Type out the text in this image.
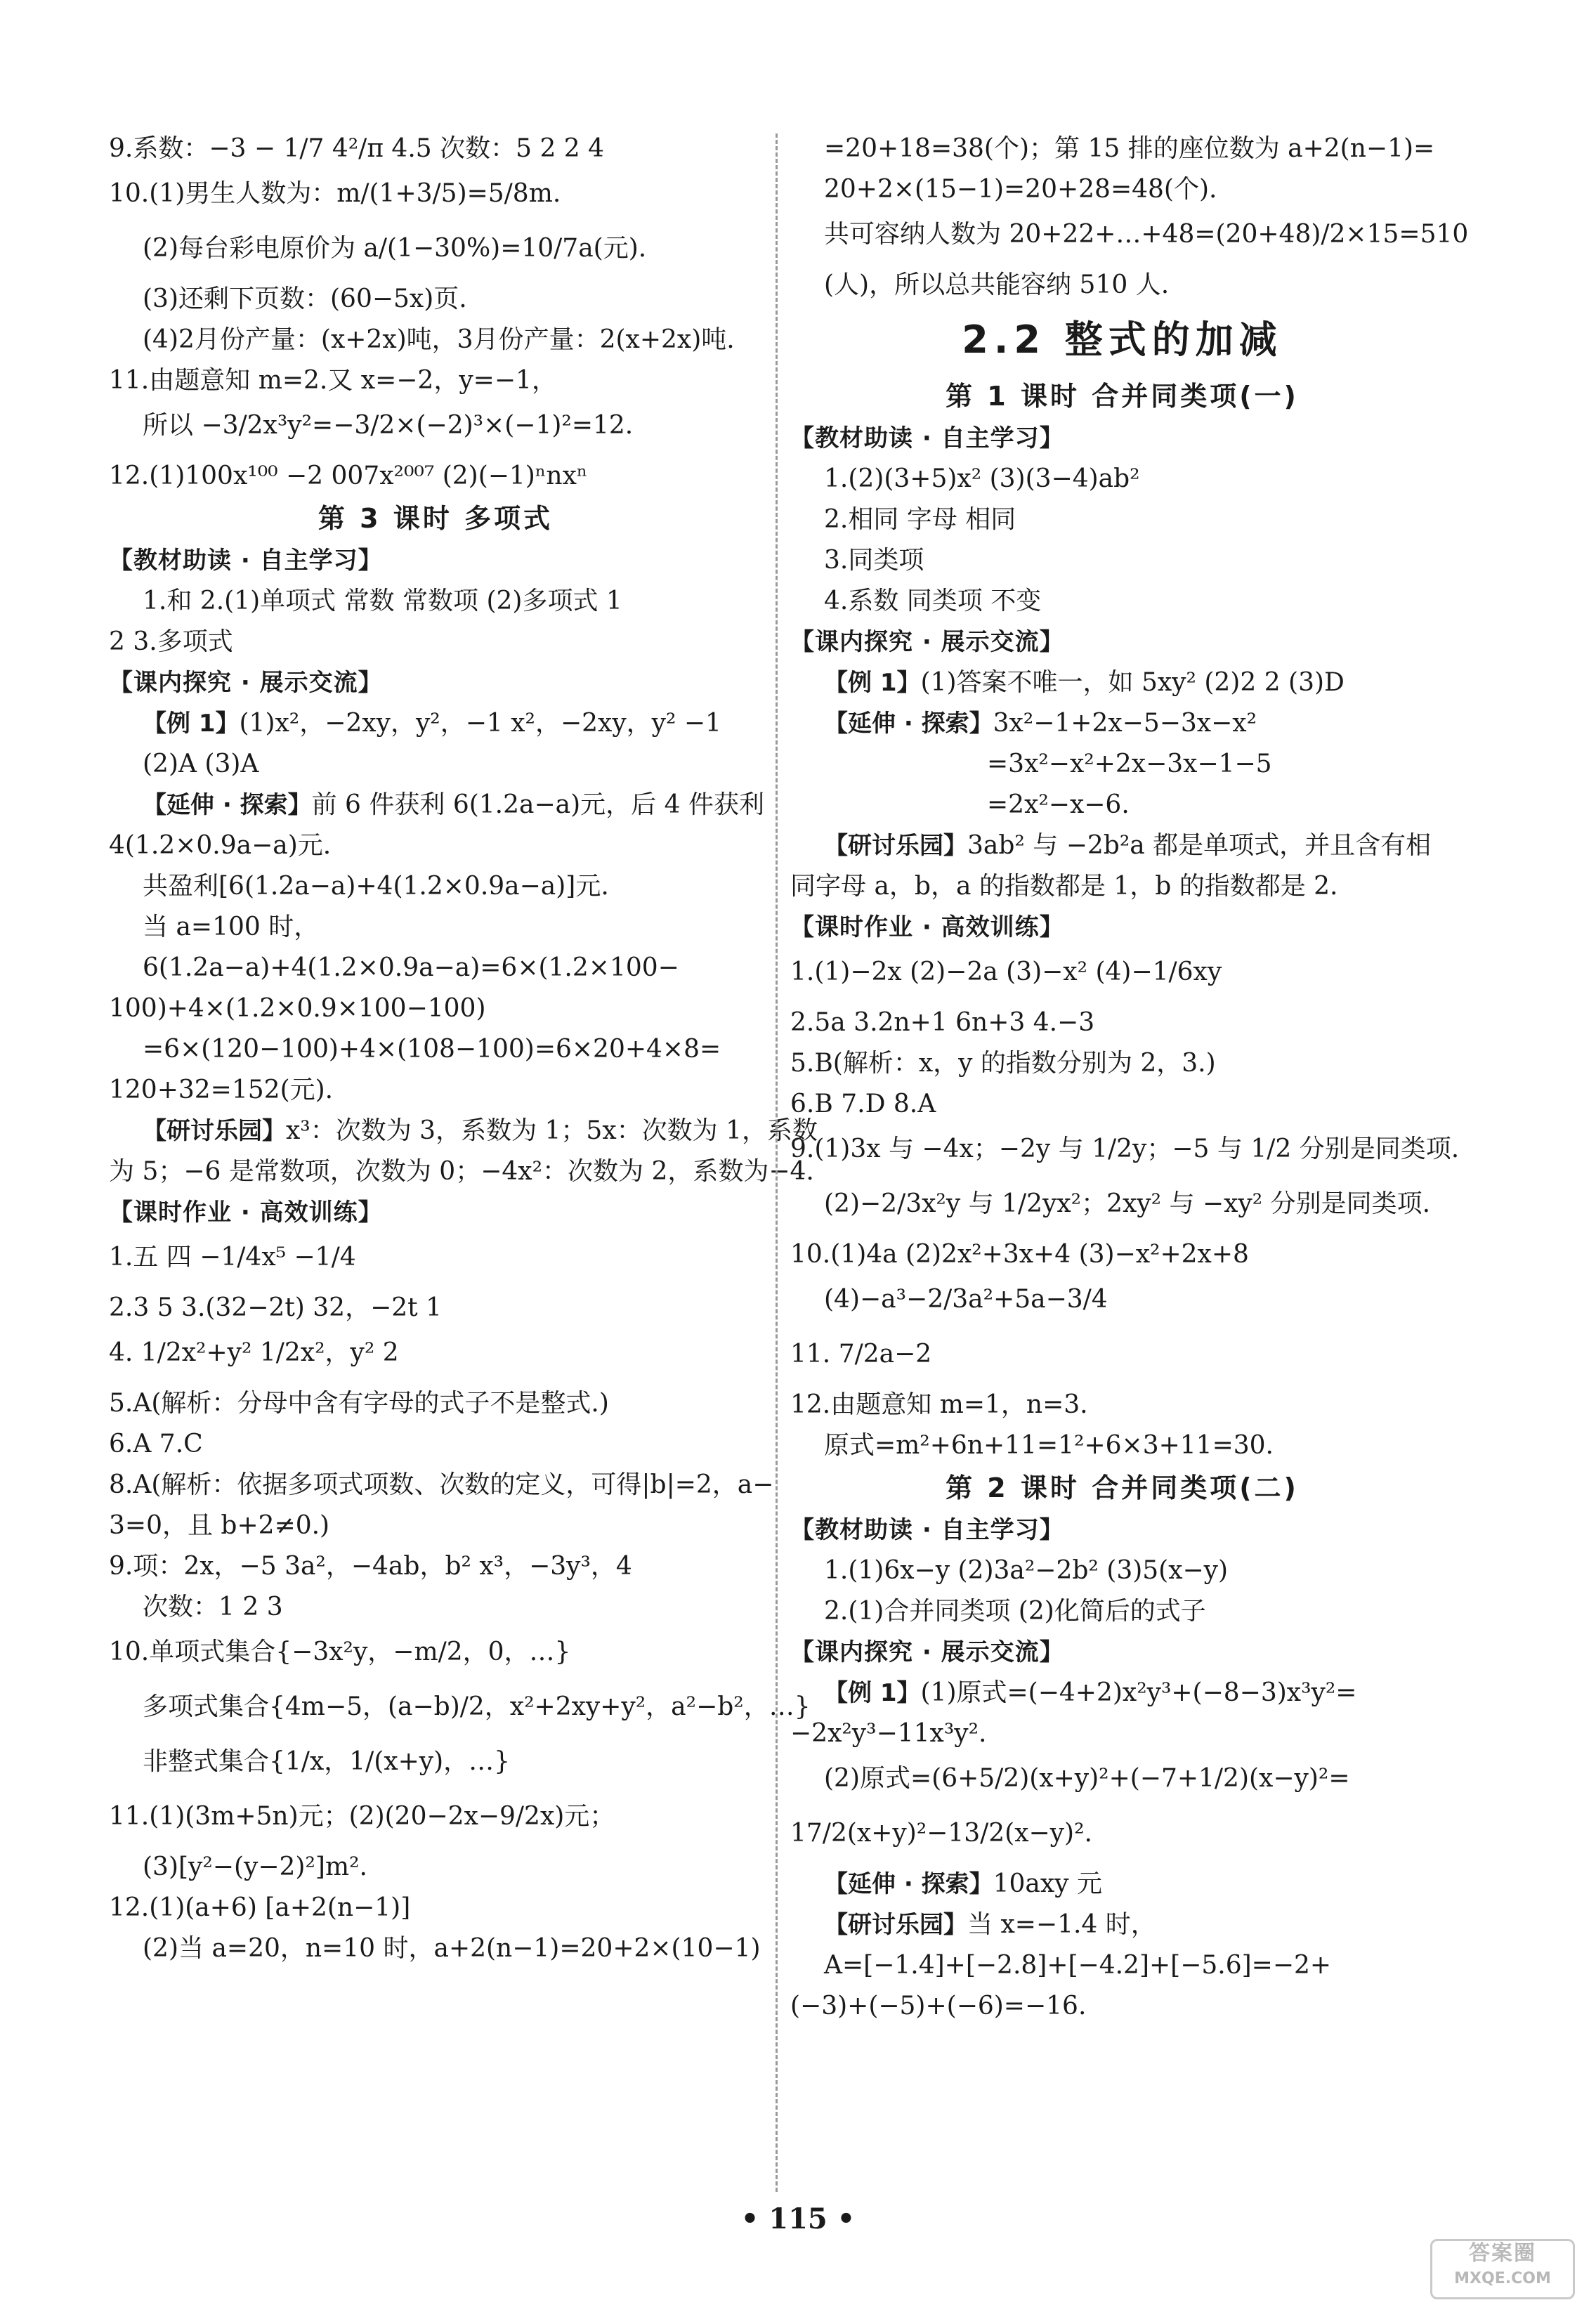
9.系数：−3 − 1/7 4²/π 4.5 次数：5 2 2 4
10.(1)男生人数为：m/(1+3/5)=5/8m.
(2)每台彩电原价为 a/(1−30%)=10/7a(元).
(3)还剩下页数：(60−5x)页.
(4)2月份产量：(x+2x)吨，3月份产量：2(x+2x)吨.
11.由题意知 m=2.又 x=−2，y=−1，
所以 −3/2x³y²=−3/2×(−2)³×(−1)²=12.
12.(1)100x¹⁰⁰ −2 007x²⁰⁰⁷ (2)(−1)ⁿnxⁿ
第 3 课时 多项式
【教材助读 · 自主学习】
1.和 2.(1)单项式 常数 常数项 (2)多项式 1
2 3.多项式
【课内探究 · 展示交流】
【例 1】(1)x²，−2xy，y²，−1 x²，−2xy，y² −1
(2)A (3)A
【延伸 · 探索】前 6 件获利 6(1.2a−a)元，后 4 件获利
4(1.2×0.9a−a)元.
共盈利[6(1.2a−a)+4(1.2×0.9a−a)]元.
当 a=100 时，
6(1.2a−a)+4(1.2×0.9a−a)=6×(1.2×100−
100)+4×(1.2×0.9×100−100)
=6×(120−100)+4×(108−100)=6×20+4×8=
120+32=152(元).
【研讨乐园】x³：次数为 3，系数为 1；5x：次数为 1，系数
为 5；−6 是常数项，次数为 0；−4x²：次数为 2，系数为−4.
【课时作业 · 高效训练】
1.五 四 −1/4x⁵ −1/4
2.3 5 3.(32−2t) 32，−2t 1
4. 1/2x²+y² 1/2x²，y² 2
5.A(解析：分母中含有字母的式子不是整式.)
6.A 7.C
8.A(解析：依据多项式项数、次数的定义，可得|b|=2，a−
3=0，且 b+2≠0.)
9.项：2x，−5 3a²，−4ab，b² x³，−3y³，4
次数：1 2 3
10.单项式集合{−3x²y，−m/2，0，…}
多项式集合{4m−5，(a−b)/2，x²+2xy+y²，a²−b²，…}
非整式集合{1/x，1/(x+y)，…}
11.(1)(3m+5n)元；(2)(20−2x−9/2x)元；
(3)[y²−(y−2)²]m².
12.(1)(a+6) [a+2(n−1)]
(2)当 a=20，n=10 时，a+2(n−1)=20+2×(10−1)
=20+18=38(个)；第 15 排的座位数为 a+2(n−1)=
20+2×(15−1)=20+28=48(个).
共可容纳人数为 20+22+…+48=(20+48)/2×15=510
(人)，所以总共能容纳 510 人.
2.2 整式的加减
第 1 课时 合并同类项(一)
【教材助读 · 自主学习】
1.(2)(3+5)x² (3)(3−4)ab²
2.相同 字母 相同
3.同类项
4.系数 同类项 不变
【课内探究 · 展示交流】
【例 1】(1)答案不唯一，如 5xy² (2)2 2 (3)D
【延伸 · 探索】3x²−1+2x−5−3x−x²
=3x²−x²+2x−3x−1−5
=2x²−x−6.
【研讨乐园】3ab² 与 −2b²a 都是单项式，并且含有相
同字母 a，b，a 的指数都是 1，b 的指数都是 2.
【课时作业 · 高效训练】
1.(1)−2x (2)−2a (3)−x² (4)−1/6xy
2.5a 3.2n+1 6n+3 4.−3
5.B(解析：x，y 的指数分别为 2，3.)
6.B 7.D 8.A
9.(1)3x 与 −4x；−2y 与 1/2y；−5 与 1/2 分别是同类项.
(2)−2/3x²y 与 1/2yx²；2xy² 与 −xy² 分别是同类项.
10.(1)4a (2)2x²+3x+4 (3)−x²+2x+8
(4)−a³−2/3a²+5a−3/4
11. 7/2a−2
12.由题意知 m=1，n=3.
原式=m²+6n+11=1²+6×3+11=30.
第 2 课时 合并同类项(二)
【教材助读 · 自主学习】
1.(1)6x−y (2)3a²−2b² (3)5(x−y)
2.(1)合并同类项 (2)化简后的式子
【课内探究 · 展示交流】
【例 1】(1)原式=(−4+2)x²y³+(−8−3)x³y²=
−2x²y³−11x³y².
(2)原式=(6+5/2)(x+y)²+(−7+1/2)(x−y)²=
17/2(x+y)²−13/2(x−y)².
【延伸 · 探索】10axy 元
【研讨乐园】当 x=−1.4 时，
A=[−1.4]+[−2.8]+[−4.2]+[−5.6]=−2+
(−3)+(−5)+(−6)=−16.
• 115 •
答案圈
MXQE.COM
